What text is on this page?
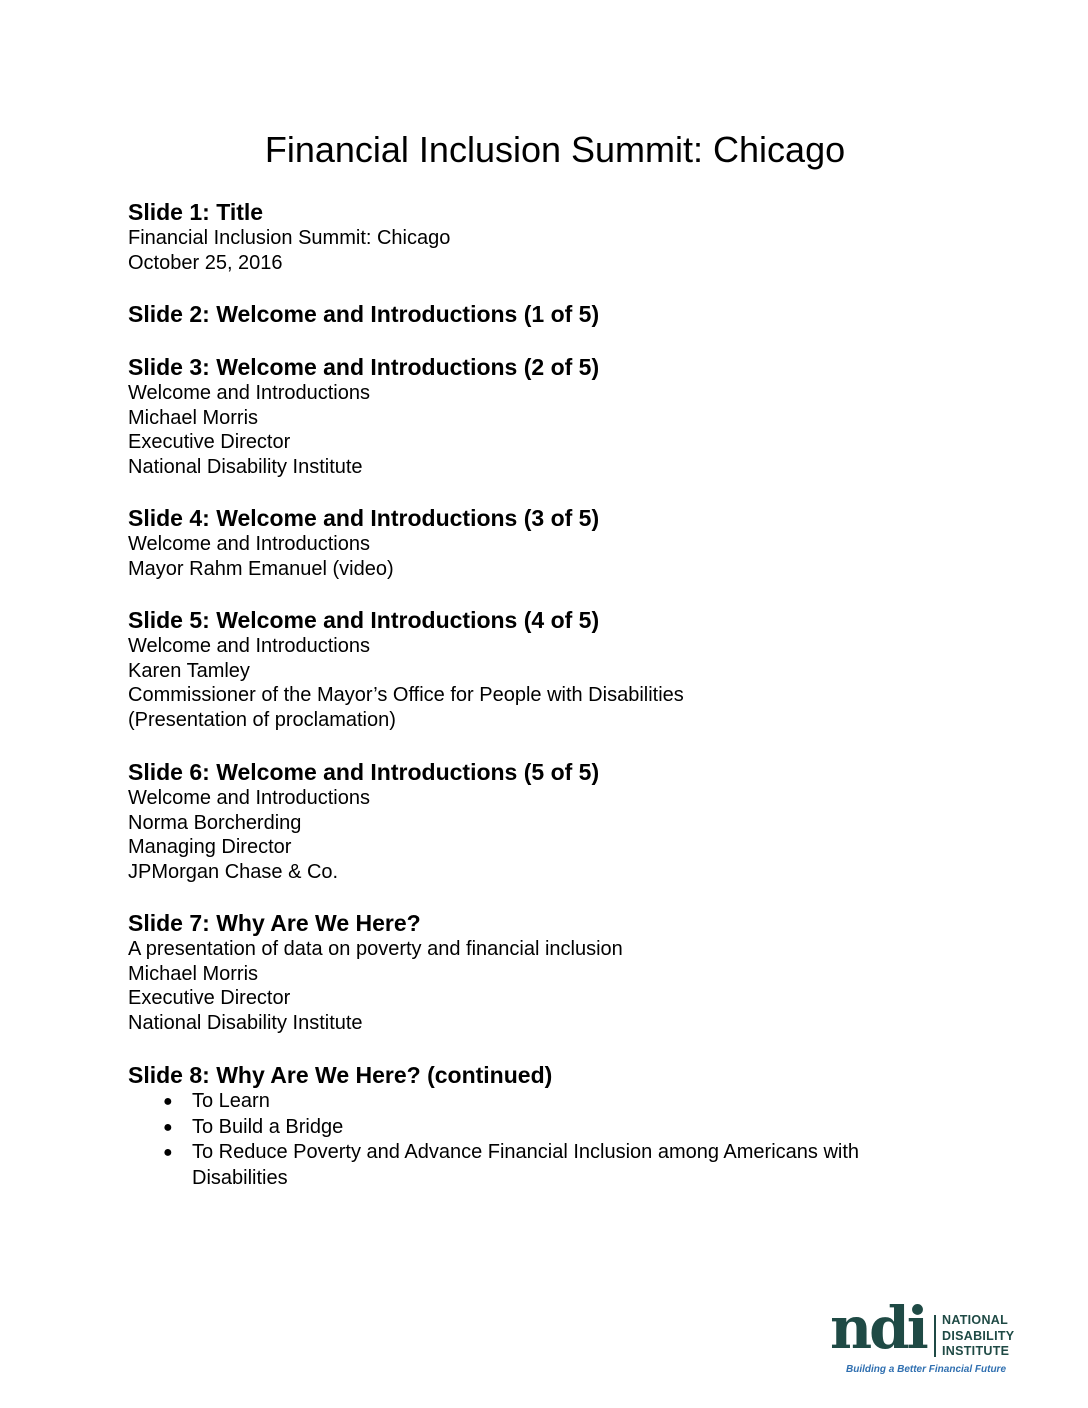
Financial Inclusion Summit: Chicago
Slide 1: Title
Financial Inclusion Summit: Chicago
October 25, 2016
Slide 2: Welcome and Introductions (1 of 5)
Slide 3: Welcome and Introductions (2 of 5)
Welcome and Introductions
Michael Morris
Executive Director
National Disability Institute
Slide 4: Welcome and Introductions (3 of 5)
Welcome and Introductions
Mayor Rahm Emanuel (video)
Slide 5: Welcome and Introductions (4 of 5)
Welcome and Introductions
Karen Tamley
Commissioner of the Mayor’s Office for People with Disabilities
(Presentation of proclamation)
Slide 6: Welcome and Introductions (5 of 5)
Welcome and Introductions
Norma Borcherding
Managing Director
JPMorgan Chase & Co.
Slide 7: Why Are We Here?
A presentation of data on poverty and financial inclusion
Michael Morris
Executive Director
National Disability Institute
Slide 8: Why Are We Here? (continued)
● To Learn
● To Build a Bridge
● To Reduce Poverty and Advance Financial Inclusion among Americans with
Disabilities
ndi NATIONAL
DISABILITY
INSTITUTE
Building a Better Financial Future
